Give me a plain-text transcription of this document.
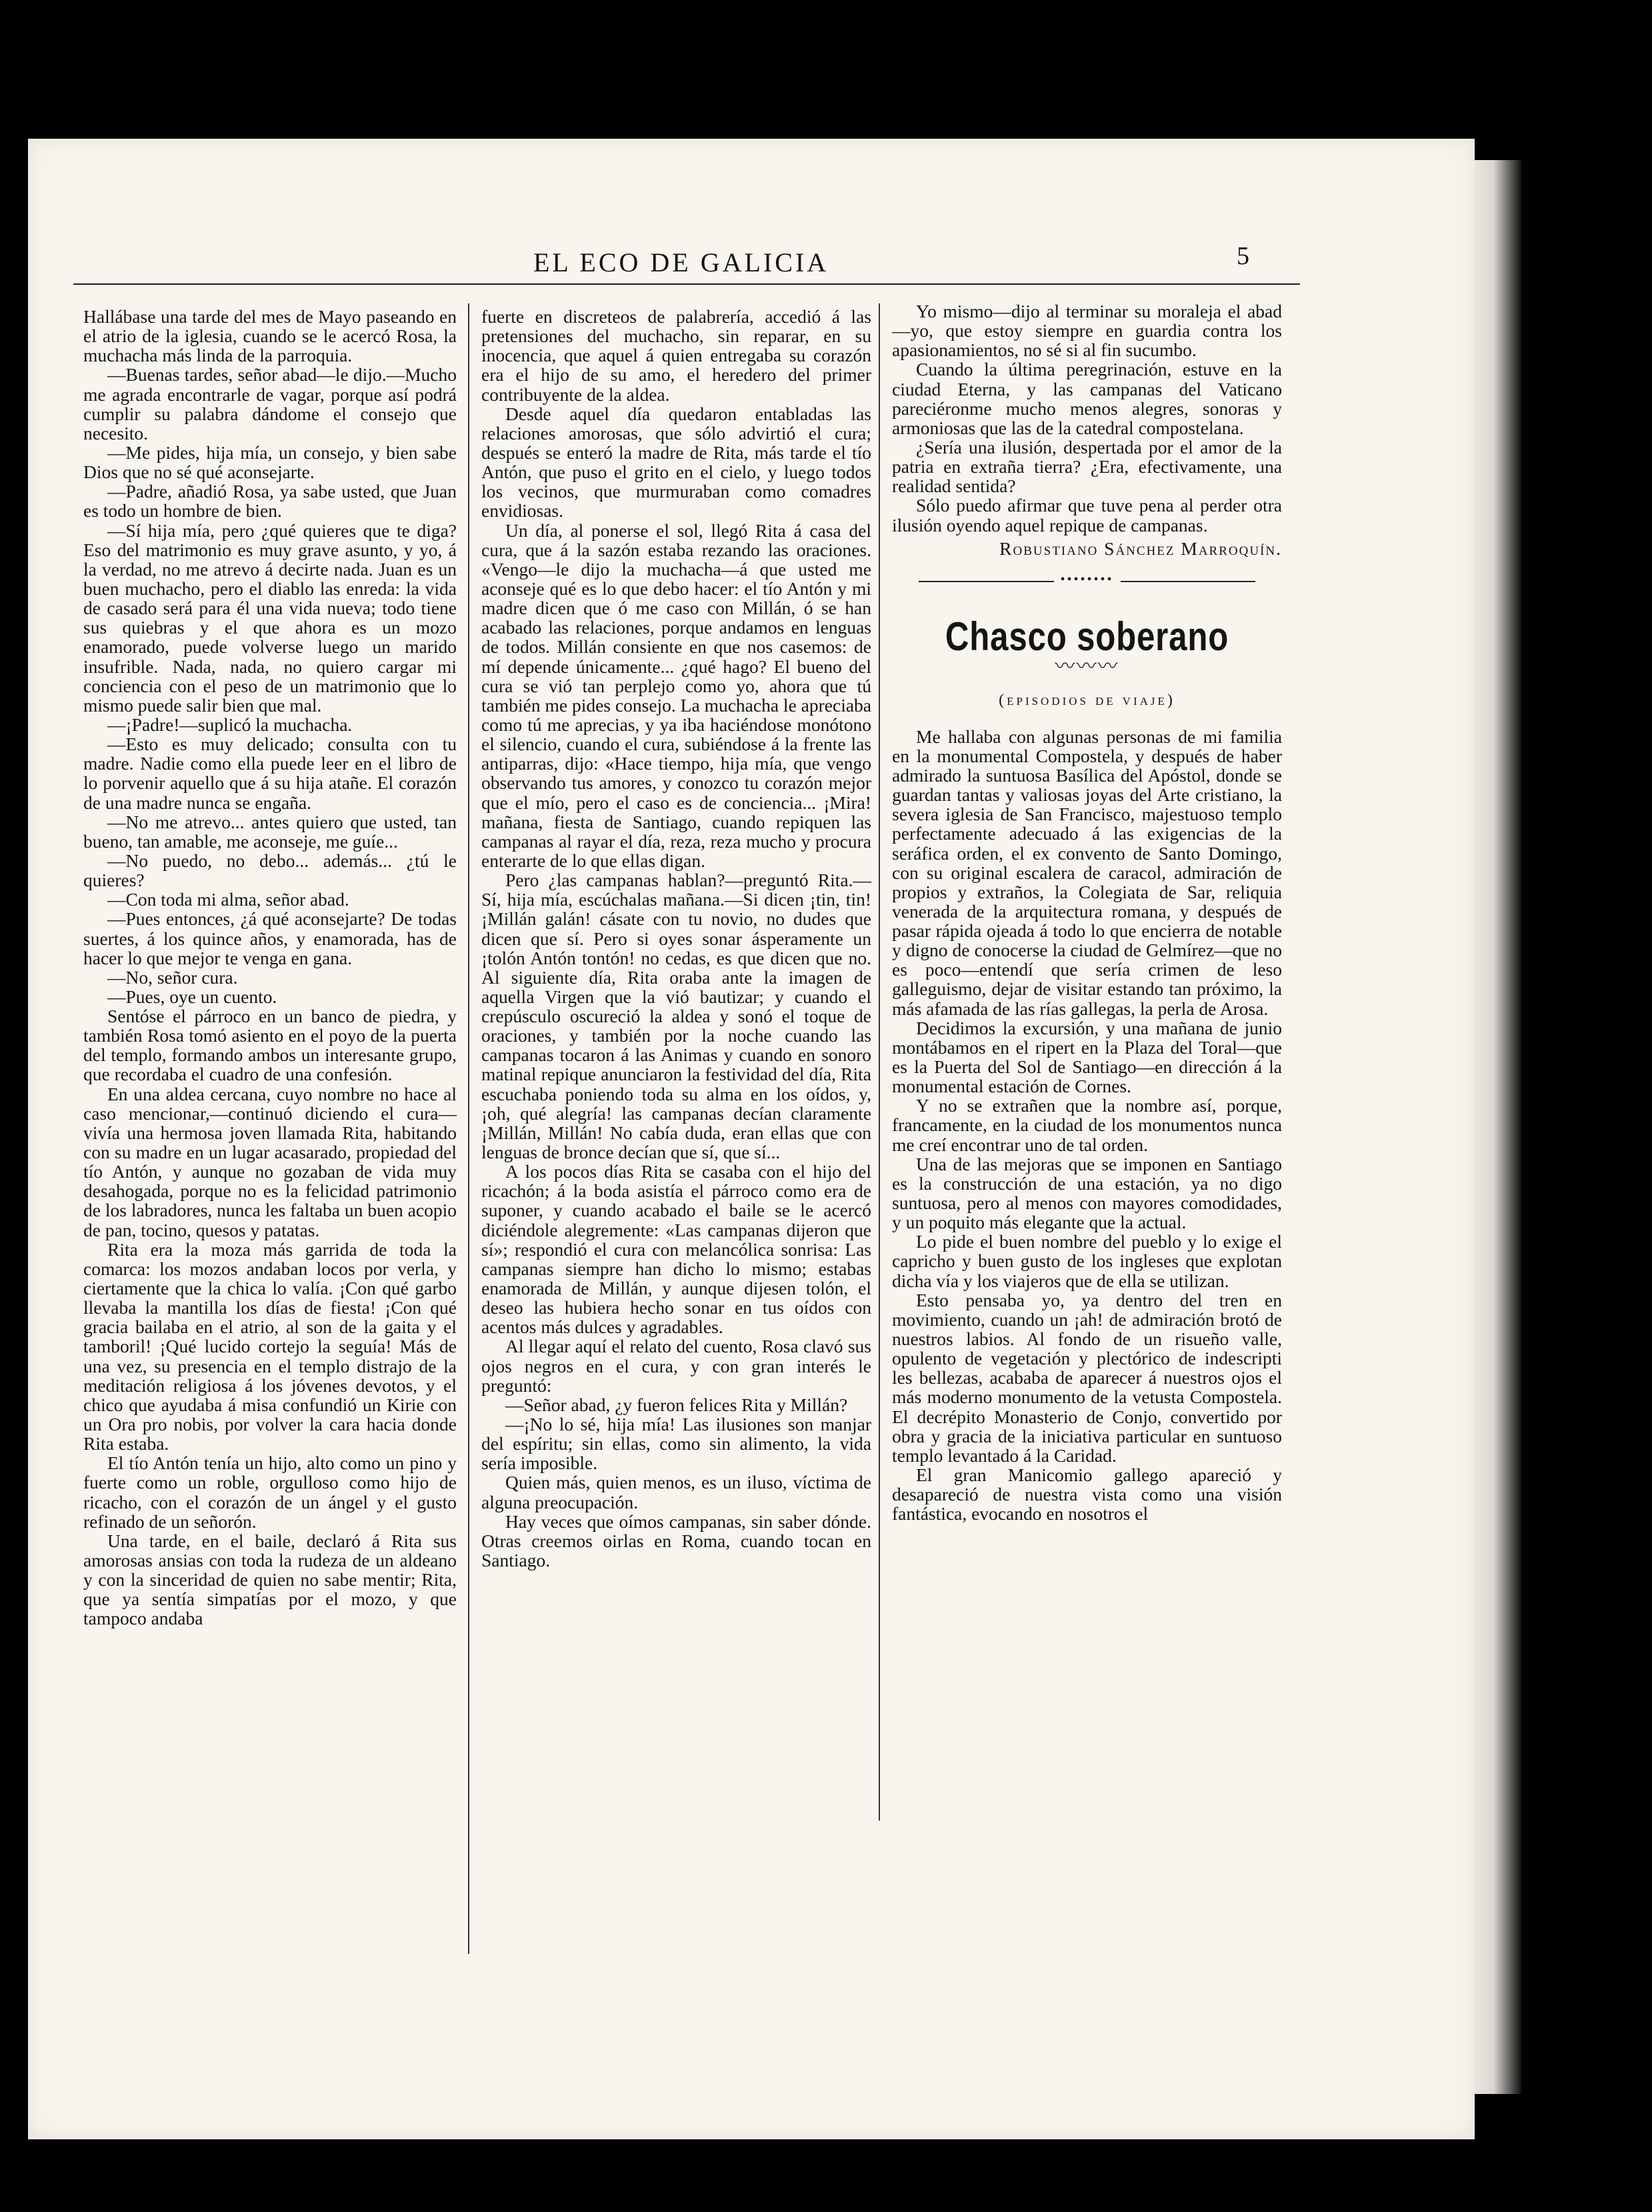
EL ECO DE GALICIA	5

Hallábase una tarde del mes de Mayo paseando en el atrio de la iglesia, cuando se le acercó Rosa, la muchacha más linda de la parroquia.

—Buenas tardes, señor abad—le dijo.—Mucho me agrada encontrarle de vagar, porque así podrá cumplir su palabra dándome el consejo que necesito.

—Me pides, hija mía, un consejo, y bien sabe Dios que no sé qué aconsejarte.

—Padre, añadió Rosa, ya sabe usted, que Juan es todo un hombre de bien.

—Sí hija mía, pero ¿qué quieres que te diga? Eso del matrimonio es muy grave asunto, y yo, á la verdad, no me atrevo á decirte nada. Juan es un buen muchacho, pero el diablo las enreda: la vida de casado será para él una vida nueva; todo tiene sus quiebras y el que ahora es un mozo enamorado, puede volverse luego un marido insufrible. Nada, nada, no quiero cargar mi conciencia con el peso de un matrimonio que lo mismo puede salir bien que mal.

—¡Padre!—suplicó la muchacha.

—Esto es muy delicado; consulta con tu madre. Nadie como ella puede leer en el libro de lo porvenir aquello que á su hija atañe. El corazón de una madre nunca se engaña.

—No me atrevo... antes quiero que usted, tan bueno, tan amable, me aconseje, me guíe...

—No puedo, no debo... además... ¿tú le quieres?

—Con toda mi alma, señor abad.

—Pues entonces, ¿á qué aconsejarte? De todas suertes, á los quince años, y enamorada, has de hacer lo que mejor te venga en gana.

—No, señor cura.

—Pues, oye un cuento.

Sentóse el párroco en un banco de piedra, y también Rosa tomó asiento en el poyo de la puerta del templo, formando ambos un interesante grupo, que recordaba el cuadro de una confesión.

En una aldea cercana, cuyo nombre no hace al caso mencionar,—continuó diciendo el cura—vivía una hermosa joven llamada Rita, habitando con su madre en un lugar acasarado, propiedad del tío Antón, y aunque no gozaban de vida muy desahogada, porque no es la felicidad patrimonio de los labradores, nunca les faltaba un buen acopio de pan, tocino, quesos y patatas.

Rita era la moza más garrida de toda la comarca: los mozos andaban locos por verla, y ciertamente que la chica lo valía. ¡Con qué garbo llevaba la mantilla los días de fiesta! ¡Con qué gracia bailaba en el atrio, al son de la gaita y el tamboril! ¡Qué lucido cortejo la seguía! Más de una vez, su presencia en el templo distrajo de la meditación religiosa á los jóvenes devotos, y el chico que ayudaba á misa confundió un Kirie con un Ora pro nobis, por volver la cara hacia donde Rita estaba.

El tío Antón tenía un hijo, alto como un pino y fuerte como un roble, orgulloso como hijo de ricacho, con el corazón de un ángel y el gusto refinado de un señorón.

Una tarde, en el baile, declaró á Rita sus amorosas ansias con toda la rudeza de un aldeano y con la sinceridad de quien no sabe mentir; Rita, que ya sentía simpatías por el mozo, y que tampoco andaba

fuerte en discreteos de palabrería, accedió á las pretensiones del muchacho, sin reparar, en su inocencia, que aquel á quien entregaba su corazón era el hijo de su amo, el heredero del primer contribuyente de la aldea.

Desde aquel día quedaron entabladas las relaciones amorosas, que sólo advirtió el cura; después se enteró la madre de Rita, más tarde el tío Antón, que puso el grito en el cielo, y luego todos los vecinos, que murmuraban como comadres envidiosas.

Un día, al ponerse el sol, llegó Rita á casa del cura, que á la sazón estaba rezando las oraciones. «Vengo—le dijo la muchacha—á que usted me aconseje qué es lo que debo hacer: el tío Antón y mi madre dicen que ó me caso con Millán, ó se han acabado las relaciones, porque andamos en lenguas de todos. Millán consiente en que nos casemos: de mí depende únicamente... ¿qué hago? El bueno del cura se vió tan perplejo como yo, ahora que tú también me pides consejo. La muchacha le apreciaba como tú me aprecias, y ya iba haciéndose monótono el silencio, cuando el cura, subiéndose á la frente las antiparras, dijo: «Hace tiempo, hija mía, que vengo observando tus amores, y conozco tu corazón mejor que el mío, pero el caso es de conciencia... ¡Mira! mañana, fiesta de Santiago, cuando repiquen las campanas al rayar el día, reza, reza mucho y procura enterarte de lo que ellas digan.

Pero ¿las campanas hablan?—preguntó Rita.—Sí, hija mía, escúchalas mañana.—Si dicen ¡tin, tin! ¡Millán galán! cásate con tu novio, no dudes que dicen que sí. Pero si oyes sonar ásperamente un ¡tolón Antón tontón! no cedas, es que dicen que no. Al siguiente día, Rita oraba ante la imagen de aquella Virgen que la vió bautizar; y cuando el crepúsculo oscureció la aldea y sonó el toque de oraciones, y también por la noche cuando las campanas tocaron á las Animas y cuando en sonoro matinal repique anunciaron la festividad del día, Rita escuchaba poniendo toda su alma en los oídos, y, ¡oh, qué alegría! las campanas decían claramente ¡Millán, Millán! No cabía duda, eran ellas que con lenguas de bronce decían que sí, que sí...

A los pocos días Rita se casaba con el hijo del ricachón; á la boda asistía el párroco como era de suponer, y cuando acabado el baile se le acercó diciéndole alegremente: «Las campanas dijeron que sí»; respondió el cura con melancólica sonrisa: Las campanas siempre han dicho lo mismo; estabas enamorada de Millán, y aunque dijesen tolón, el deseo las hubiera hecho sonar en tus oídos con acentos más dulces y agradables.

Al llegar aquí el relato del cuento, Rosa clavó sus ojos negros en el cura, y con gran interés le preguntó:

—Señor abad, ¿y fueron felices Rita y Millán?

—¡No lo sé, hija mía! Las ilusiones son manjar del espíritu; sin ellas, como sin alimento, la vida sería imposible.

Quien más, quien menos, es un iluso, víctima de alguna preocupación.

Hay veces que oímos campanas, sin saber dónde. Otras creemos oirlas en Roma, cuando tocan en Santiago.

Yo mismo—dijo al terminar su moraleja el abad—yo, que estoy siempre en guardia contra los apasionamientos, no sé si al fin sucumbo.

Cuando la última peregrinación, estuve en la ciudad Eterna, y las campanas del Vaticano pareciéronme mucho menos alegres, sonoras y armoniosas que las de la catedral compostelana.

¿Sería una ilusión, despertada por el amor de la patria en extraña tierra? ¿Era, efectivamente, una realidad sentida?

Sólo puedo afirmar que tuve pena al perder otra ilusión oyendo aquel repique de campanas.

Robustiano Sánchez Marroquín.
••••••••
Chasco soberano
〰〰〰
(episodios de viaje)

Me hallaba con algunas personas de mi familia en la monumental Compostela, y después de haber admirado la suntuosa Basílica del Apóstol, donde se guardan tantas y valiosas joyas del Arte cristiano, la severa iglesia de San Francisco, majestuoso templo perfectamente adecuado á las exigencias de la seráfica orden, el ex convento de Santo Domingo, con su original escalera de caracol, admiración de propios y extraños, la Colegiata de Sar, reliquia venerada de la arquitectura romana, y después de pasar rápida ojeada á todo lo que encierra de notable y digno de conocerse la ciudad de Gelmírez—que no es poco—entendí que sería crimen de leso galleguismo, dejar de visitar estando tan próximo, la más afamada de las rías gallegas, la perla de Arosa.

Decidimos la excursión, y una mañana de junio montábamos en el ripert en la Plaza del Toral—que es la Puerta del Sol de Santiago—en dirección á la monumental estación de Cornes.

Y no se extrañen que la nombre así, porque, francamente, en la ciudad de los monumentos nunca me creí encontrar uno de tal orden.

Una de las mejoras que se imponen en Santiago es la construcción de una estación, ya no digo suntuosa, pero al menos con mayores comodidades, y un poquito más elegante que la actual.

Lo pide el buen nombre del pueblo y lo exige el capricho y buen gusto de los ingleses que explotan dicha vía y los viajeros que de ella se utilizan.

Esto pensaba yo, ya dentro del tren en movimiento, cuando un ¡ah! de admiración brotó de nuestros labios. Al fondo de un risueño valle, opulento de vegetación y plectórico de indescripti les bellezas, acababa de aparecer á nuestros ojos el más moderno monumento de la vetusta Compostela. El decrépito Monasterio de Conjo, convertido por obra y gracia de la iniciativa particular en suntuoso templo levantado á la Caridad.

El gran Manicomio gallego apareció y desapareció de nuestra vista como una visión fantástica, evocando en nosotros el
